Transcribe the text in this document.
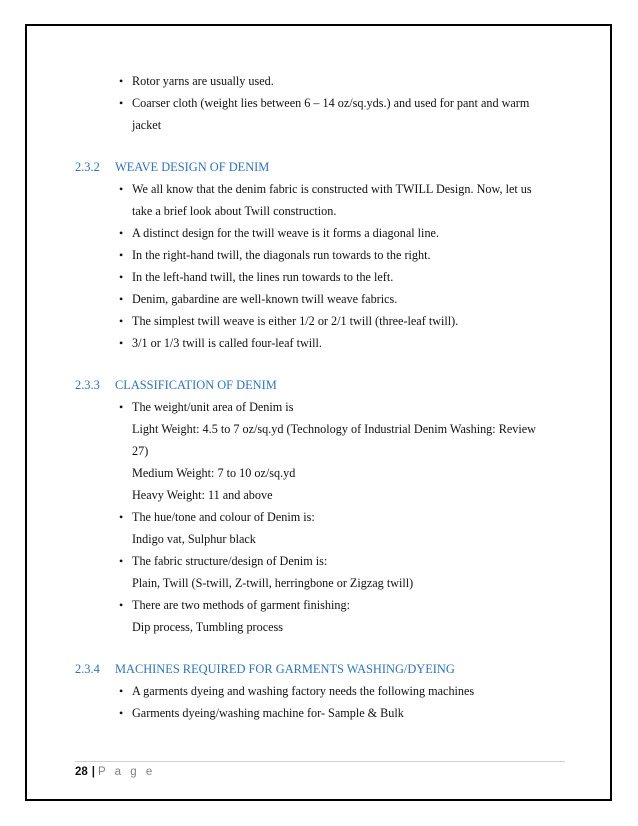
• Rotor yarns are usually used.
• Coarser cloth (weight lies between 6 – 14 oz/sq.yds.) and used for pant and warm
jacket
2.3.2 WEAVE DESIGN OF DENIM
• We all know that the denim fabric is constructed with TWILL Design. Now, let us
take a brief look about Twill construction.
• A distinct design for the twill weave is it forms a diagonal line.
• In the right-hand twill, the diagonals run towards to the right.
• In the left-hand twill, the lines run towards to the left.
• Denim, gabardine are well-known twill weave fabrics.
• The simplest twill weave is either 1/2 or 2/1 twill (three-leaf twill).
• 3/1 or 1/3 twill is called four-leaf twill.
2.3.3 CLASSIFICATION OF DENIM
• The weight/unit area of Denim is
Light Weight: 4.5 to 7 oz/sq.yd (Technology of Industrial Denim Washing: Review
27)
Medium Weight: 7 to 10 oz/sq.yd
Heavy Weight: 11 and above
• The hue/tone and colour of Denim is:
Indigo vat, Sulphur black
• The fabric structure/design of Denim is:
Plain, Twill (S-twill, Z-twill, herringbone or Zigzag twill)
• There are two methods of garment finishing:
Dip process, Tumbling process
2.3.4 MACHINES REQUIRED FOR GARMENTS WASHING/DYEING
• A garments dyeing and washing factory needs the following machines
• Garments dyeing/washing machine for- Sample & Bulk
28 | P a g e
